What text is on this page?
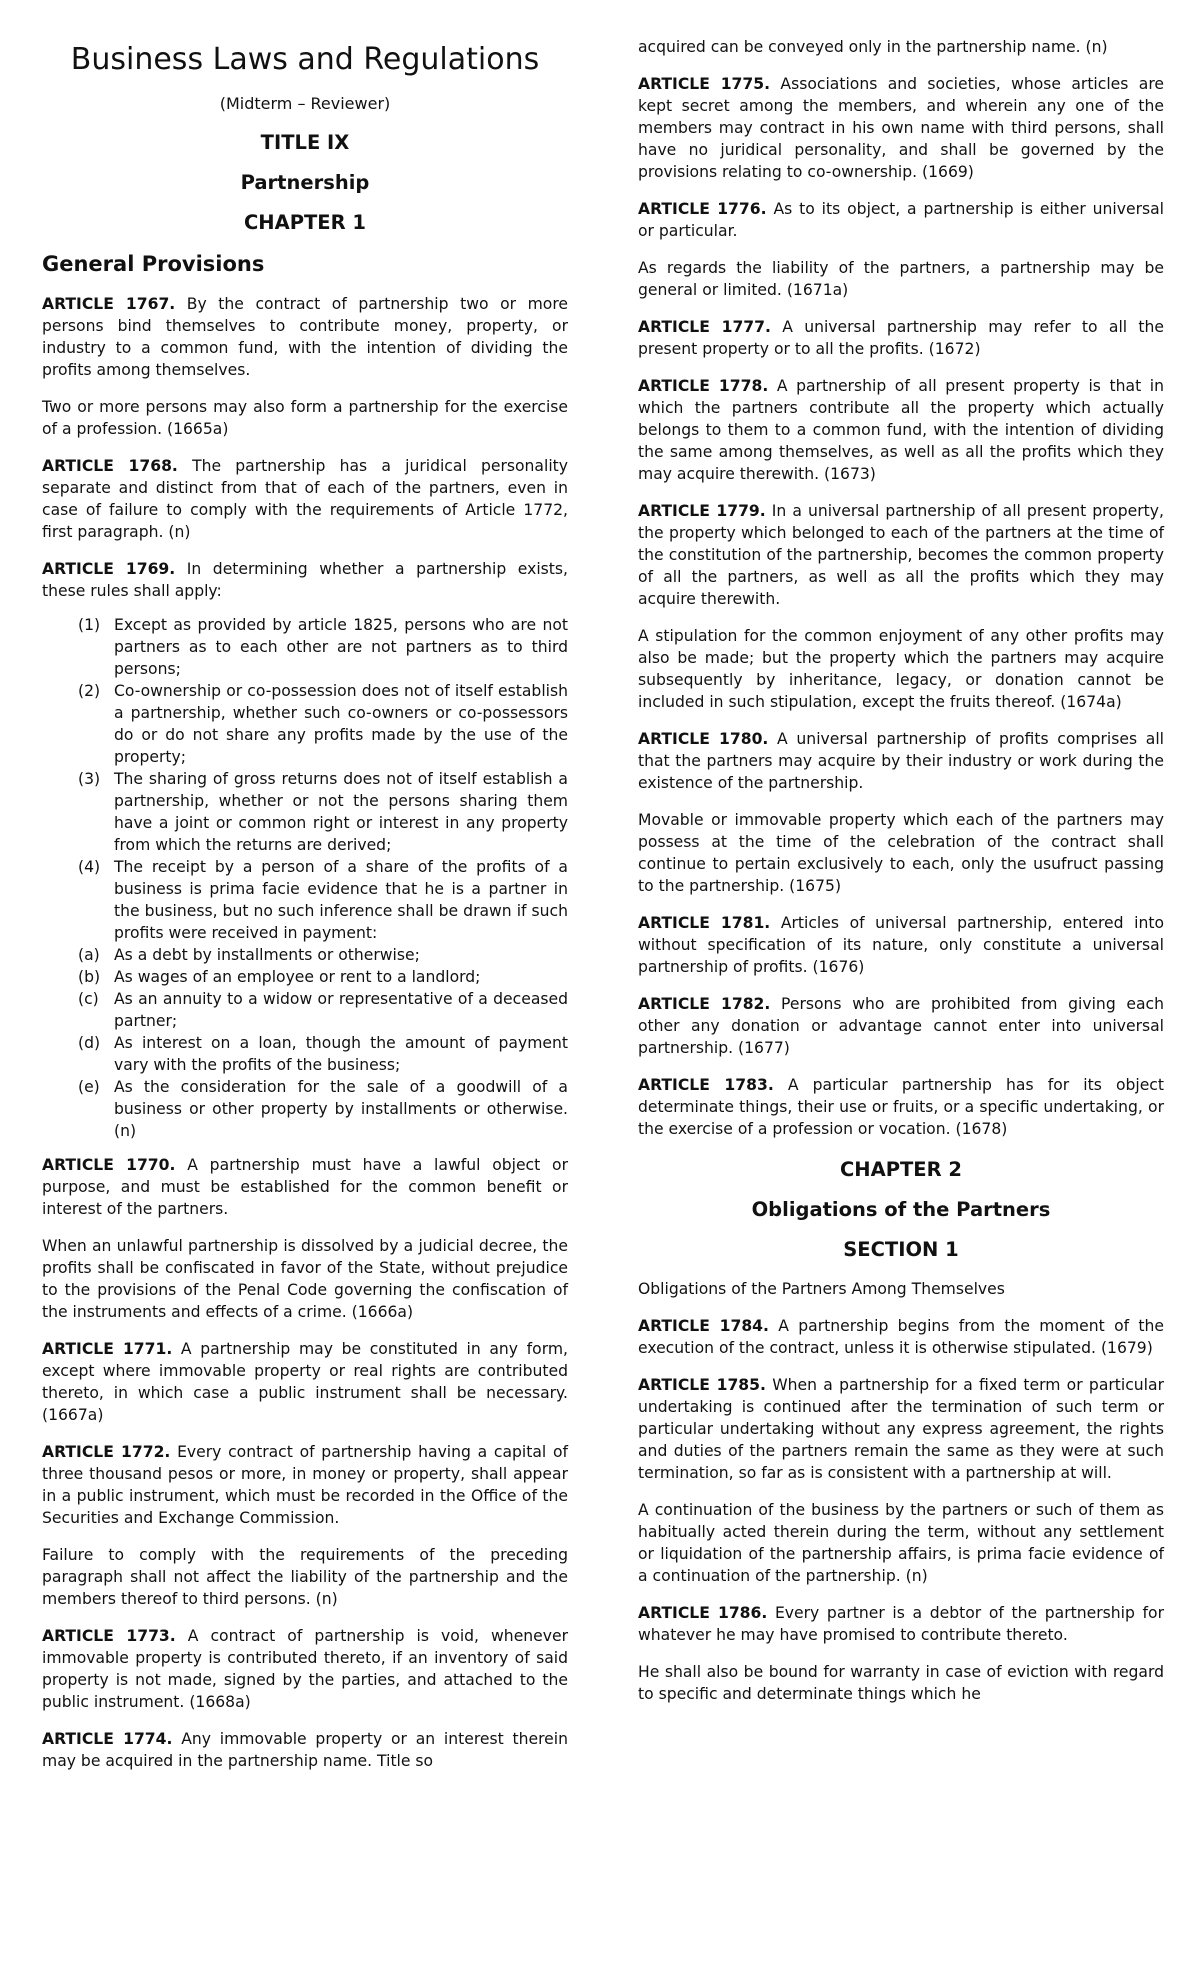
Business Laws and Regulations
(Midterm – Reviewer)
TITLE IX
Partnership
CHAPTER 1
General Provisions

ARTICLE 1767. By the contract of partnership two or more persons bind themselves to contribute money, property, or industry to a common fund, with the intention of dividing the profits among themselves.

Two or more persons may also form a partnership for the exercise of a profession. (1665a)

ARTICLE 1768. The partnership has a juridical personality separate and distinct from that of each of the partners, even in case of failure to comply with the requirements of Article 1772, first paragraph. (n)

ARTICLE 1769. In determining whether a partnership exists, these rules shall apply:

(1) Except as provided by article 1825, persons who are not partners as to each other are not partners as to third persons;
(2) Co-ownership or co-possession does not of itself establish a partnership, whether such co-owners or co-possessors do or do not share any profits made by the use of the property;
(3) The sharing of gross returns does not of itself establish a partnership, whether or not the persons sharing them have a joint or common right or interest in any property from which the returns are derived;
(4) The receipt by a person of a share of the profits of a business is prima facie evidence that he is a partner in the business, but no such inference shall be drawn if such profits were received in payment:
(a) As a debt by installments or otherwise;
(b) As wages of an employee or rent to a landlord;
(c) As an annuity to a widow or representative of a deceased partner;
(d) As interest on a loan, though the amount of payment vary with the profits of the business;
(e) As the consideration for the sale of a goodwill of a business or other property by installments or otherwise. (n)

ARTICLE 1770. A partnership must have a lawful object or purpose, and must be established for the common benefit or interest of the partners.

When an unlawful partnership is dissolved by a judicial decree, the profits shall be confiscated in favor of the State, without prejudice to the provisions of the Penal Code governing the confiscation of the instruments and effects of a crime. (1666a)

ARTICLE 1771. A partnership may be constituted in any form, except where immovable property or real rights are contributed thereto, in which case a public instrument shall be necessary. (1667a)

ARTICLE 1772. Every contract of partnership having a capital of three thousand pesos or more, in money or property, shall appear in a public instrument, which must be recorded in the Office of the Securities and Exchange Commission.

Failure to comply with the requirements of the preceding paragraph shall not affect the liability of the partnership and the members thereof to third persons. (n)

ARTICLE 1773. A contract of partnership is void, whenever immovable property is contributed thereto, if an inventory of said property is not made, signed by the parties, and attached to the public instrument. (1668a)

ARTICLE 1774. Any immovable property or an interest therein may be acquired in the partnership name. Title so

acquired can be conveyed only in the partnership name. (n)

ARTICLE 1775. Associations and societies, whose articles are kept secret among the members, and wherein any one of the members may contract in his own name with third persons, shall have no juridical personality, and shall be governed by the provisions relating to co-ownership. (1669)

ARTICLE 1776. As to its object, a partnership is either universal or particular.

As regards the liability of the partners, a partnership may be general or limited. (1671a)

ARTICLE 1777. A universal partnership may refer to all the present property or to all the profits. (1672)

ARTICLE 1778. A partnership of all present property is that in which the partners contribute all the property which actually belongs to them to a common fund, with the intention of dividing the same among themselves, as well as all the profits which they may acquire therewith. (1673)

ARTICLE 1779. In a universal partnership of all present property, the property which belonged to each of the partners at the time of the constitution of the partnership, becomes the common property of all the partners, as well as all the profits which they may acquire therewith.

A stipulation for the common enjoyment of any other profits may also be made; but the property which the partners may acquire subsequently by inheritance, legacy, or donation cannot be included in such stipulation, except the fruits thereof. (1674a)

ARTICLE 1780. A universal partnership of profits comprises all that the partners may acquire by their industry or work during the existence of the partnership.

Movable or immovable property which each of the partners may possess at the time of the celebration of the contract shall continue to pertain exclusively to each, only the usufruct passing to the partnership. (1675)

ARTICLE 1781. Articles of universal partnership, entered into without specification of its nature, only constitute a universal partnership of profits. (1676)

ARTICLE 1782. Persons who are prohibited from giving each other any donation or advantage cannot enter into universal partnership. (1677)

ARTICLE 1783. A particular partnership has for its object determinate things, their use or fruits, or a specific undertaking, or the exercise of a profession or vocation. (1678)

CHAPTER 2
Obligations of the Partners
SECTION 1

Obligations of the Partners Among Themselves

ARTICLE 1784. A partnership begins from the moment of the execution of the contract, unless it is otherwise stipulated. (1679)

ARTICLE 1785. When a partnership for a fixed term or particular undertaking is continued after the termination of such term or particular undertaking without any express agreement, the rights and duties of the partners remain the same as they were at such termination, so far as is consistent with a partnership at will.

A continuation of the business by the partners or such of them as habitually acted therein during the term, without any settlement or liquidation of the partnership affairs, is prima facie evidence of a continuation of the partnership. (n)

ARTICLE 1786. Every partner is a debtor of the partnership for whatever he may have promised to contribute thereto.

He shall also be bound for warranty in case of eviction with regard to specific and determinate things which he
